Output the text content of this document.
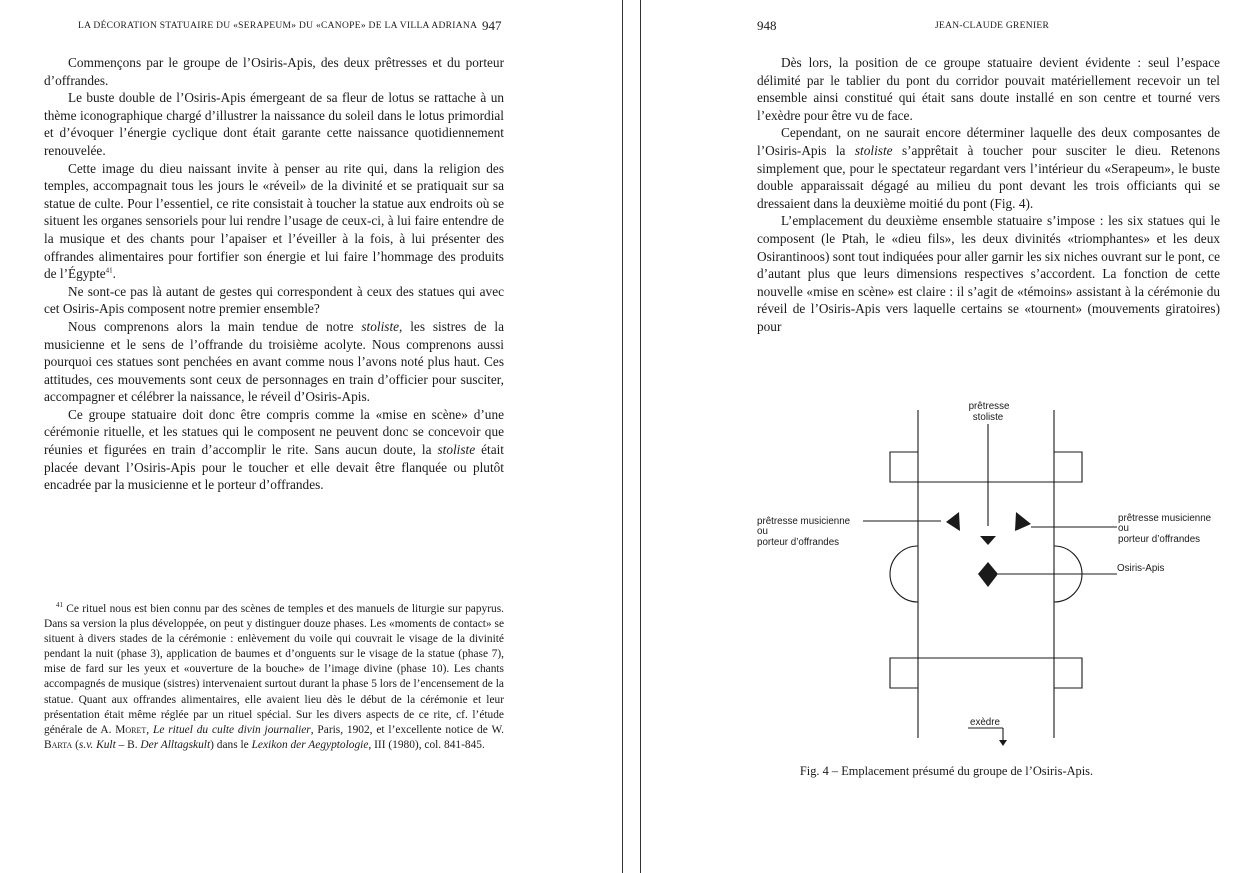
LA DÉCORATION STATUAIRE DU «SERAPEUM» DU «CANOPE» DE LA VILLA ADRIANA 947

Commençons par le groupe de l’Osiris-Apis, des deux prêtresses et du porteur d’offrandes.

Le buste double de l’Osiris-Apis émergeant de sa fleur de lotus se rattache à un thème iconographique chargé d’illustrer la naissance du soleil dans le lotus primordial et d’évoquer l’énergie cyclique dont était garante cette naissance quotidiennement renouvelée.

Cette image du dieu naissant invite à penser au rite qui, dans la religion des temples, accompagnait tous les jours le «réveil» de la divinité et se pratiquait sur sa statue de culte. Pour l’essentiel, ce rite consistait à toucher la statue aux endroits où se situent les organes sensoriels pour lui rendre l’usage de ceux-ci, à lui faire entendre de la musique et des chants pour l’apaiser et l’éveiller à la fois, à lui présenter des offrandes alimentaires pour fortifier son énergie et lui faire l’hommage des produits de l’Égypte$^{41}$.

Ne sont-ce pas là autant de gestes qui correspondent à ceux des statues qui avec cet Osiris-Apis composent notre premier ensemble?

Nous comprenons alors la main tendue de notre stoliste, les sistres de la musicienne et le sens de l’offrande du troisième acolyte. Nous comprenons aussi pourquoi ces statues sont penchées en avant comme nous l’avons noté plus haut. Ces attitudes, ces mouvements sont ceux de personnages en train d’officier pour susciter, accompagner et célébrer la naissance, le réveil d’Osiris-Apis.

Ce groupe statuaire doit donc être compris comme la «mise en scène» d’une cérémonie rituelle, et les statues qui le composent ne peuvent donc se concevoir que réunies et figurées en train d’accomplir le rite. Sans aucun doute, la stoliste était placée devant l’Osiris-Apis pour le toucher et elle devait être flanquée ou plutôt encadrée par la musicienne et le porteur d’offrandes.

$^{41}$ Ce rituel nous est bien connu par des scènes de temples et des manuels de liturgie sur papyrus. Dans sa version la plus développée, on peut y distinguer douze phases. Les «moments de contact» se situent à divers stades de la cérémonie : enlèvement du voile qui couvrait le visage de la divinité pendant la nuit (phase 3), application de baumes et d’onguents sur le visage de la statue (phase 7), mise de fard sur les yeux et «ouverture de la bouche» de l’image divine (phase 10). Les chants accompagnés de musique (sistres) intervenaient surtout durant la phase 5 lors de l’encensement de la statue. Quant aux offrandes alimentaires, elle avaient lieu dès le début de la cérémonie et leur présentation était même réglée par un rituel spécial. Sur les divers aspects de ce rite, cf. l’étude générale de A. Moret, Le rituel du culte divin journalier, Paris, 1902, et l’excellente notice de W. Barta (s.v. Kult – B. Der Alltagskult) dans le Lexikon der Aegyptologie, III (1980), col. 841-845.

948	JEAN-CLAUDE GRENIER

Dès lors, la position de ce groupe statuaire devient évidente : seul l’espace délimité par le tablier du pont du corridor pouvait matériellement recevoir un tel ensemble ainsi constitué qui était sans doute installé en son centre et tourné vers l’exèdre pour être vu de face.

Cependant, on ne saurait encore déterminer laquelle des deux composantes de l’Osiris-Apis la stoliste s’apprêtait à toucher pour susciter le dieu. Retenons simplement que, pour le spectateur regardant vers l’intérieur du «Serapeum», le buste double apparaissait dégagé au milieu du pont devant les trois officiants qui se dressaient dans la deuxième moitié du pont (Fig. 4).

L’emplacement du deuxième ensemble statuaire s’impose : les six statues qui le composent (le Ptah, le «dieu fils», les deux divinités «triomphantes» et les deux Osirantinoos) sont tout indiquées pour aller garnir les six niches ouvrant sur le pont, ce d’autant plus que leurs dimensions respectives s’accordent. La fonction de cette nouvelle «mise en scène» est claire : il s’agit de «témoins» assistant à la cérémonie du réveil de l’Osiris-Apis vers laquelle certains se «tournent» (mouvements giratoires) pour

prêtresse
stoliste
prêtresse musicienne
ou
porteur d’offrandes
prêtresse musicienne
ou
porteur d’offrandes
Osiris-Apis
exèdre
Fig. 4 – Emplacement présumé du groupe de l’Osiris-Apis.
